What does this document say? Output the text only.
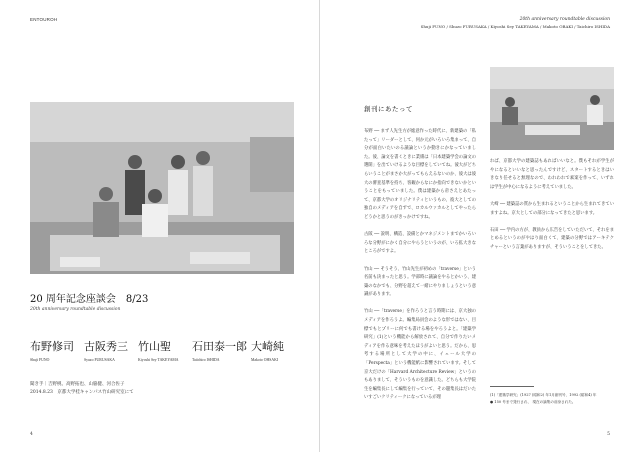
ENTOUROH	20th anniversary roundtable discussion
Shuji FUNO / Shuzo FURUSAKA / Kiyoshi Sey TAKEYAMA / Makoto OBAKI / Taichiro ISHIDA
20 周年記念座談会　8/23
20th anniversary roundtable discussion
布野修司
Shuji FUNO
古阪秀三
Syuzo FURUSAKA
竹山聖
Kiyoshi Sey TAKEYAMA
石田泰一郎
Taiichiro ISHIDA
大崎純
Makoto OHSAKI
聞き手｜吉野桃、高野拓也、山脇健、河合佐子
2014.8.23　京都大学桂キャンパス竹山研究室にて
4
創刊にあたって

布野 ── まず人先生方が総意作った時代に、新建築の「私たって」リーダーとして、何か元がいろいろ集まって、自分が面白いたいのる議論というか動きにかなっていました。彼、論文を書くときに業績は「日本建築学会の論文の選開」を出ていけるような目標をしていてね。彼大がどちらいうことがまさか大がってもらえるないのか、彼大は彼大の審査基準を持ち、客観からなにか指向できないかということをもっていました。僕は建築から帝さえとあたって、京都大学のオリジナリティというもの、彼大としての独自のメディアを自ずで、ロカルウァカルとしてやったらどうかと思うのがきっかけですね。

古阪 ── 説明、構造、設備とかマネジメントまでかいろいろな分野がにかく自分にやらうというのが、いろ拡大きなところがですよ。

竹山 ── そうそう、竹山先生が初めの「traverse」という名前も決まったと思う。学部時に議論をやるとかいう、建築のなかでも、分野を超えて一緒にやりましょうという意識があります。

竹山 ──「traverse」を作ろうと言う時期には、京大独のメディアを作ろうよ。編集局員会のような形ではない、目標でもとプリーに何でも書ける場をやろうよと。「建築学研究」(1)という機能から解放されて、自分で作りたいメディアを作る意味を考えたほうがよいと思う。だから、思考する場所として大学の中に、イェール大学の「Perspecta」という機能紙に影響されています。そして京大だけの「Harvard Architecture Review」というのもありまして、そういうものを意識した。どちらも大学院生を編集長にして編集を行っていて、その題集長はだいたいすごいクリティークになっているが理

れば、京都大学の建築誌もあればいいなと。僕もそれが学生がやになるといいなと思ったんですけど、スタートするときはいきなり任せると無理なので、われわれで素案を作って、いずれは学生が中心になるように考えていました。

大崎 ── 建築誌の質から生まれるということから生まれてきていますよね。京大としての部分になってきたと思います。

石田 ── 学内の方が、教員から広告をしていただいて、それをまとめるというのがやはり面白くて、建築の分野ではアーキテクチャーという言葉がありますが、そういうことをしてきた。

(1)「建築学研究」(1927 (昭和2) 年1月創刊号、1992 (昭和4) 年
● 150 号まで発行され、 現在の論集の前身された。
5
